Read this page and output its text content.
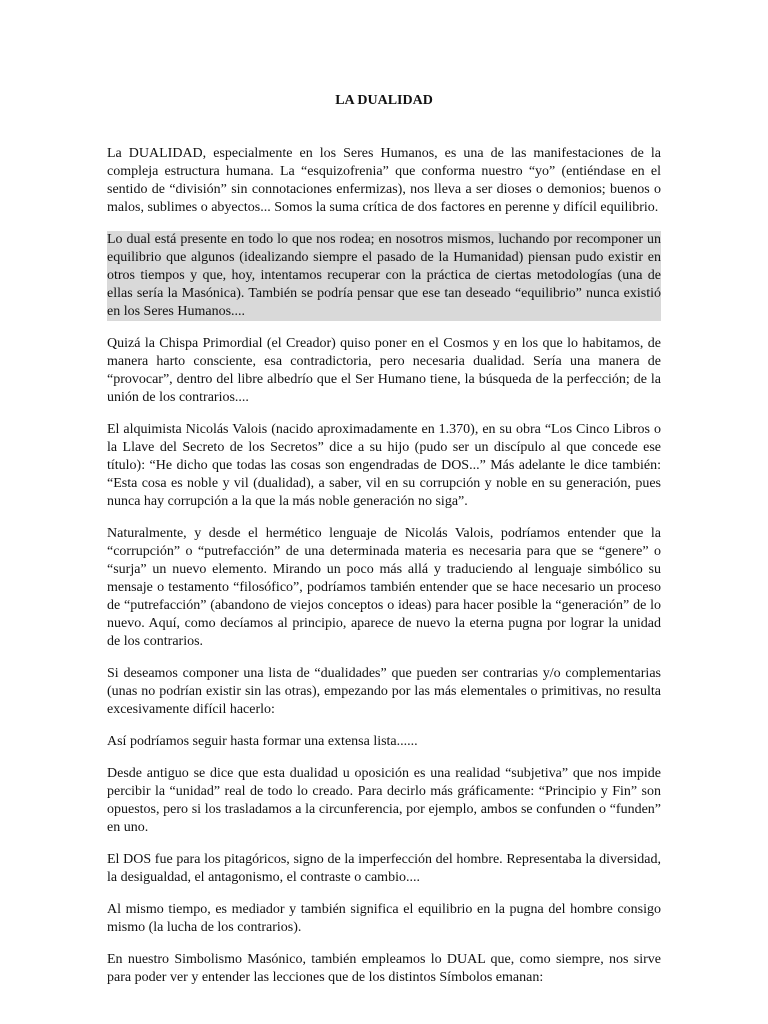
LA DUALIDAD

La DUALIDAD, especialmente en los Seres Humanos, es una de las manifestaciones de la compleja estructura humana. La “esquizofrenia” que conforma nuestro “yo” (entiéndase en el sentido de “división” sin connotaciones enfermizas), nos lleva a ser dioses o demonios; buenos o malos, sublimes o abyectos... Somos la suma crítica de dos factores en perenne y difícil equilibrio.

Lo dual está presente en todo lo que nos rodea; en nosotros mismos, luchando por recomponer un equilibrio que algunos (idealizando siempre el pasado de la Humanidad) piensan pudo existir en otros tiempos y que, hoy, intentamos recuperar con la práctica de ciertas metodologías (una de ellas sería la Masónica). También se podría pensar que ese tan deseado “equilibrio” nunca existió en los Seres Humanos....

Quizá la Chispa Primordial (el Creador) quiso poner en el Cosmos y en los que lo habitamos, de manera harto consciente, esa contradictoria, pero necesaria dualidad. Sería una manera de “provocar”, dentro del libre albedrío que el Ser Humano tiene, la búsqueda de la perfección; de la unión de los contrarios....

El alquimista Nicolás Valois (nacido aproximadamente en 1.370), en su obra “Los Cinco Libros o la Llave del Secreto de los Secretos” dice a su hijo (pudo ser un discípulo al que concede ese título): “He dicho que todas las cosas son engendradas de DOS...” Más adelante le dice también: “Esta cosa es noble y vil (dualidad), a saber, vil en su corrupción y noble en su generación, pues nunca hay corrupción a la que la más noble generación no siga”.

Naturalmente, y desde el hermético lenguaje de Nicolás Valois, podríamos entender que la “corrupción” o “putrefacción” de una determinada materia es necesaria para que se “genere” o “surja” un nuevo elemento. Mirando un poco más allá y traduciendo al lenguaje simbólico su mensaje o testamento “filosófico”, podríamos también entender que se hace necesario un proceso de “putrefacción” (abandono de viejos conceptos o ideas) para hacer posible la “generación” de lo nuevo. Aquí, como decíamos al principio, aparece de nuevo la eterna pugna por lograr la unidad de los contrarios.

Si deseamos componer una lista de “dualidades” que pueden ser contrarias y/o complementarias (unas no podrían existir sin las otras), empezando por las más elementales o primitivas, no resulta excesivamente difícil hacerlo:

Así podríamos seguir hasta formar una extensa lista......

Desde antiguo se dice que esta dualidad u oposición es una realidad “subjetiva” que nos impide percibir la “unidad” real de todo lo creado. Para decirlo más gráficamente: “Principio y Fin” son opuestos, pero si los trasladamos a la circunferencia, por ejemplo, ambos se confunden o “funden” en uno.

El DOS fue para los pitagóricos, signo de la imperfección del hombre. Representaba la diversidad, la desigualdad, el antagonismo, el contraste o cambio....

Al mismo tiempo, es mediador y también significa el equilibrio en la pugna del hombre consigo mismo (la lucha de los contrarios).

En nuestro Simbolismo Masónico, también empleamos lo DUAL que, como siempre, nos sirve para poder ver y entender las lecciones que de los distintos Símbolos emanan:
